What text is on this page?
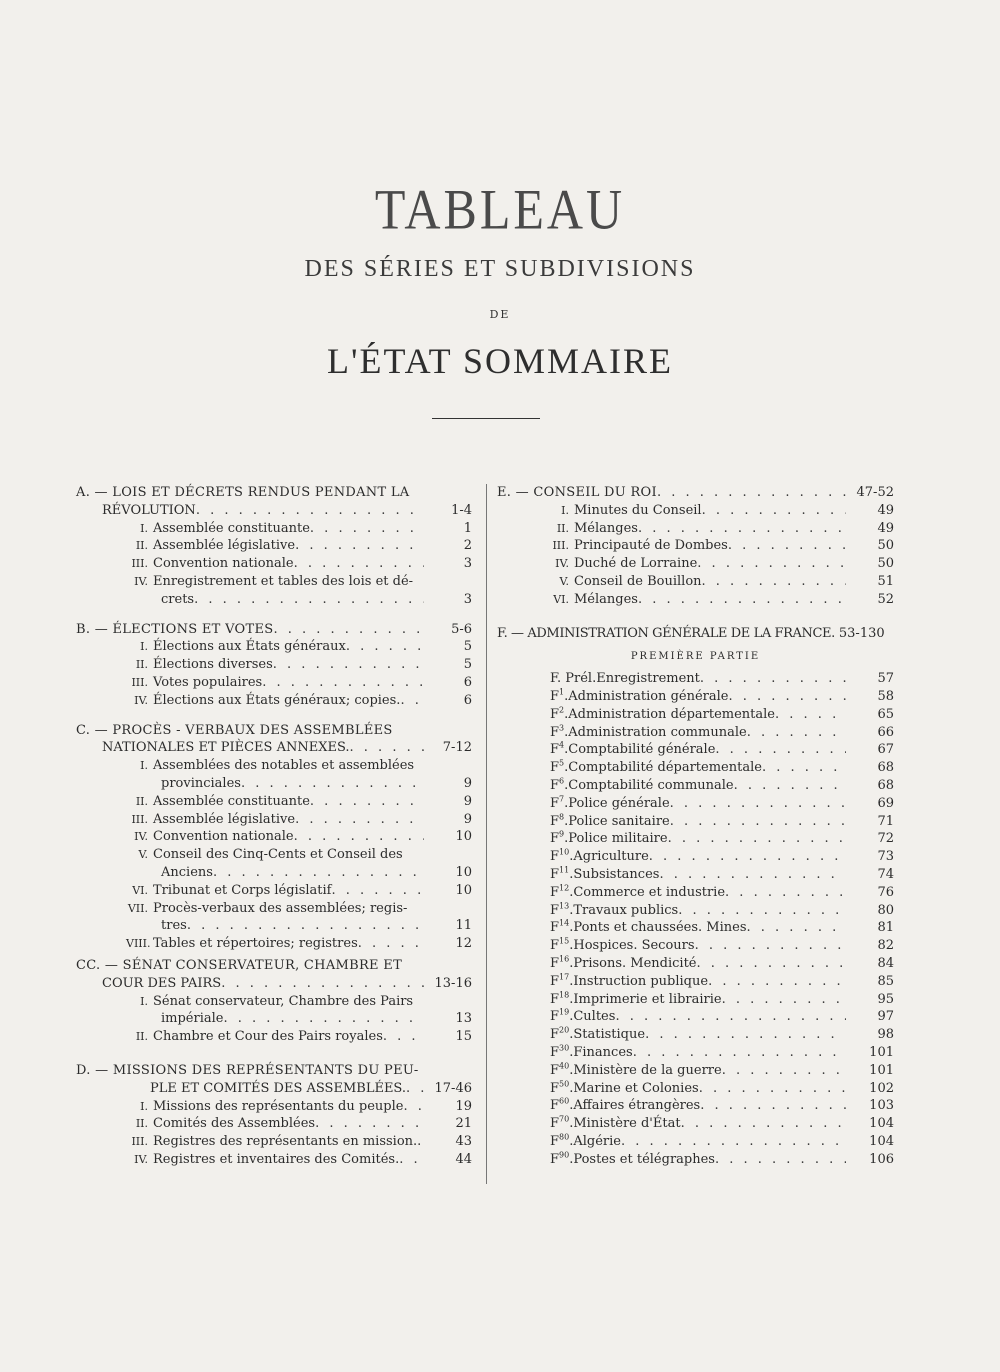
TABLEAU
DES SÉRIES ET SUBDIVISIONS
DE
L'ÉTAT SOMMAIRE
A. — LOIS ET DÉCRETS RENDUS PENDANT LA
RÉVOLUTION . . .	1-4
I. Assemblée constituante . . .	1
II. Assemblée législative . . .	2
III. Convention nationale . . .	3
IV. Enregistrement et tables des lois et dé-
crets . . .	3
B. — ÉLECTIONS ET VOTES . . .	5-6
I. Élections aux États généraux . . .	5
II. Élections diverses . . .	5
III. Votes populaires . . .	6
IV. Élections aux États généraux; copies. . . .	6
C. — PROCÈS - VERBAUX DES ASSEMBLÉES
NATIONALES ET PIÈCES ANNEXES. . . .	7-12
I. Assemblées des notables et assemblées
provinciales . . .	9
II. Assemblée constituante . . .	9
III. Assemblée législative . . .	9
IV. Convention nationale . . .	10
V. Conseil des Cinq-Cents et Conseil des
Anciens . . .	10
VI. Tribunat et Corps législatif . . .	10
VII. Procès-verbaux des assemblées; regis-
tres . . .	11
VIII. Tables et répertoires; registres . . .	12
CC. — SÉNAT CONSERVATEUR, CHAMBRE ET
COUR DES PAIRS . . .	13-16
I. Sénat conservateur, Chambre des Pairs
impériale . . .	13
II. Chambre et Cour des Pairs royales . . .	15
D. — MISSIONS DES REPRÉSENTANTS DU PEU-
PLE ET COMITÉS DES ASSEMBLÉES. . . .	17-46
I. Missions des représentants du peuple . . .	19
II. Comités des Assemblées . . .	21
III. Registres des représentants en mission. . . .	43
IV. Registres et inventaires des Comités. . . .	44
E. — CONSEIL DU ROI . . .	47-52
I. Minutes du Conseil . . .	49
II. Mélanges . . .	49
III. Principauté de Dombes . . .	50
IV. Duché de Lorraine . . .	50
V. Conseil de Bouillon . . .	51
VI. Mélanges . . .	52
F. — ADMINISTRATION GÉNÉRALE DE LA FRANCE. 53-130
PREMIÈRE PARTIE
F. Prél. Enregistrement . . .	57
$F^1$. Administration générale . . .	58
$F^2$. Administration départementale . . .	65
$F^3$. Administration communale . . .	66
$F^4$. Comptabilité générale . . .	67
$F^5$. Comptabilité départementale . . .	68
$F^6$. Comptabilité communale . . .	68
$F^7$. Police générale . . .	69
$F^8$. Police sanitaire . . .	71
$F^9$. Police militaire . . .	72
$F^{10}$. Agriculture . . .	73
$F^{11}$. Subsistances . . .	74
$F^{12}$. Commerce et industrie . . .	76
$F^{13}$. Travaux publics . . .	80
$F^{14}$. Ponts et chaussées. Mines . . .	81
$F^{15}$. Hospices. Secours . . .	82
$F^{16}$. Prisons. Mendicité . . .	84
$F^{17}$. Instruction publique . . .	85
$F^{18}$. Imprimerie et librairie . . .	95
$F^{19}$. Cultes . . .	97
$F^{20}$. Statistique . . .	98
$F^{30}$. Finances . . .	101
$F^{40}$. Ministère de la guerre . . .	101
$F^{50}$. Marine et Colonies . . .	102
$F^{60}$. Affaires étrangères . . .	103
$F^{70}$. Ministère d'État . . .	104
$F^{80}$. Algérie . . .	104
$F^{90}$. Postes et télégraphes . . .	106
